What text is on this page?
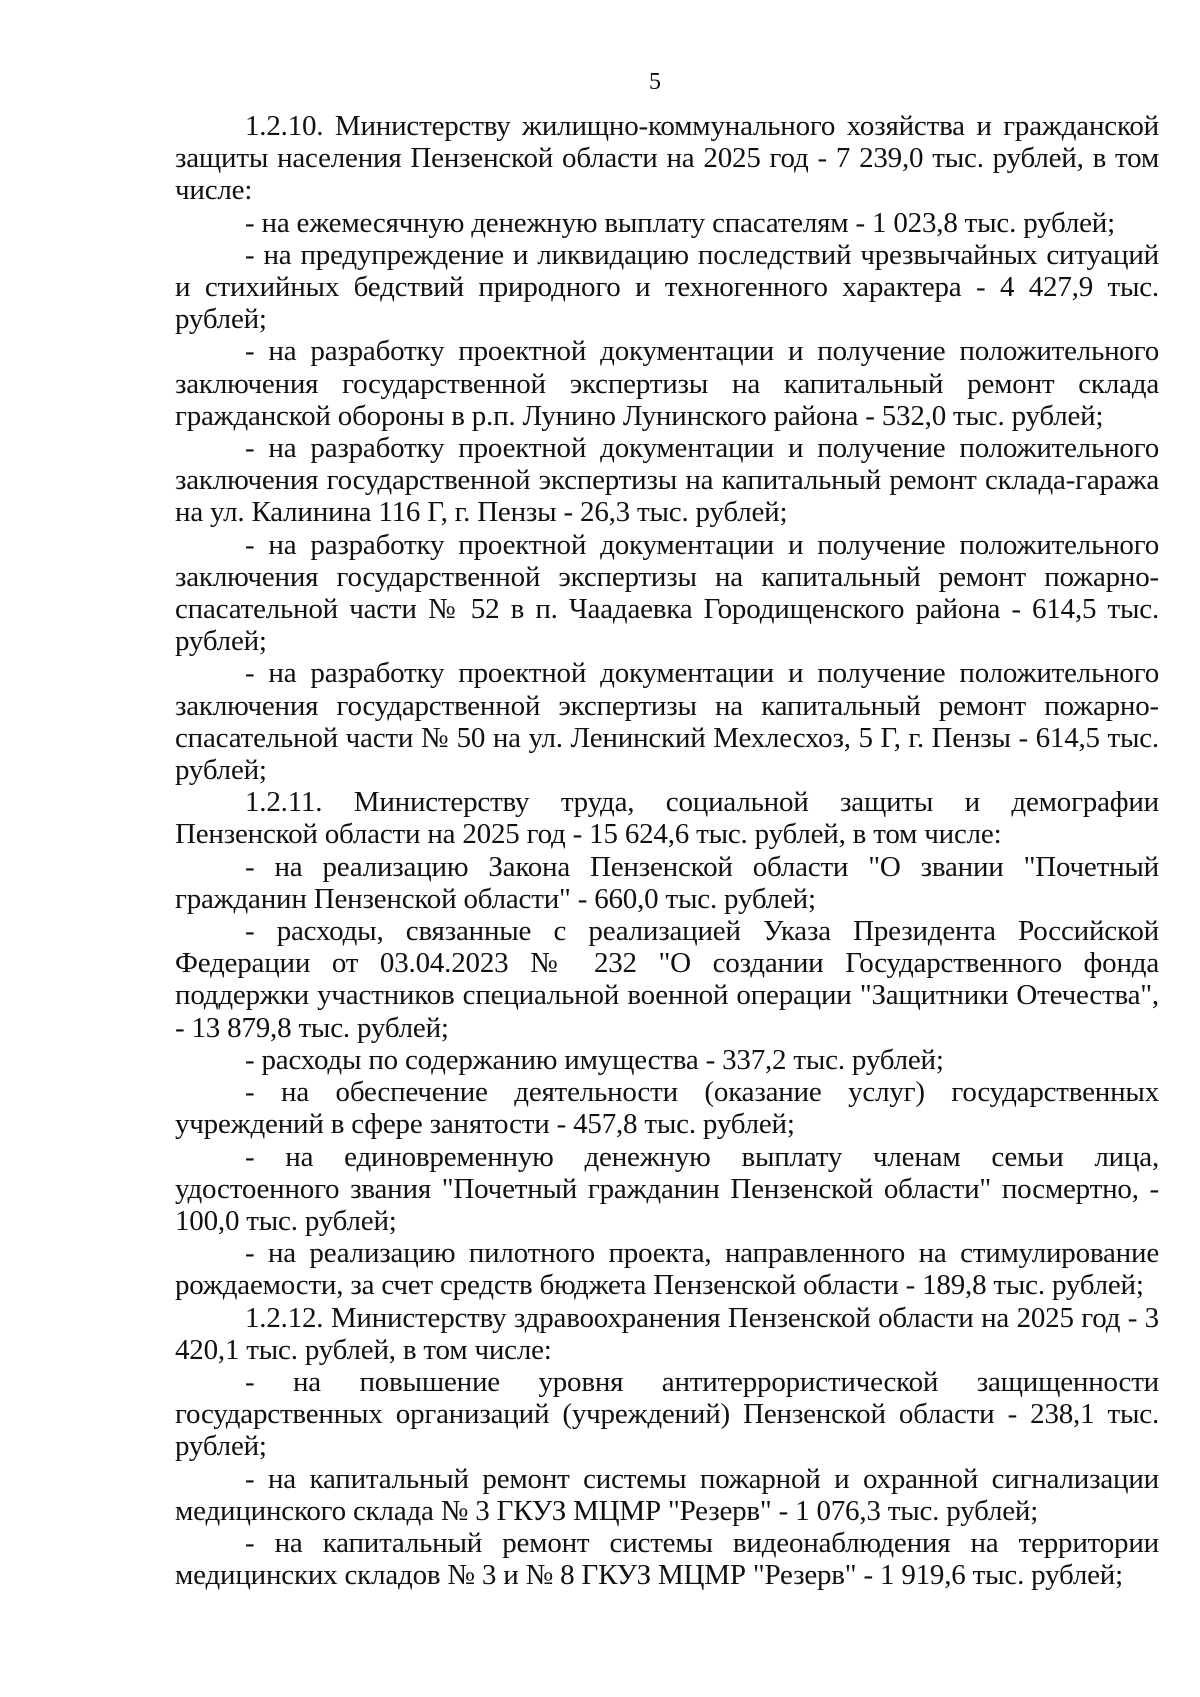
5

1.2.10. Министерству жилищно-коммунального хозяйства и гражданской защиты населения Пензенской области на 2025 год - 7 239,0 тыс. рублей, в том числе:

- на ежемесячную денежную выплату спасателям - 1 023,8 тыс. рублей;

- на предупреждение и ликвидацию последствий чрезвычайных ситуаций и стихийных бедствий природного и техногенного характера - 4 427,9 тыс. рублей;

- на разработку проектной документации и получение положительного заключения государственной экспертизы на капитальный ремонт склада гражданской обороны в р.п. Лунино Лунинского района - 532,0 тыс. рублей;

- на разработку проектной документации и получение положительного заключения государственной экспертизы на капитальный ремонт склада-гаража на ул. Калинина 116 Г, г. Пензы - 26,3 тыс. рублей;

- на разработку проектной документации и получение положительного заключения государственной экспертизы на капитальный ремонт пожарно-спасательной части № 52 в п. Чаадаевка Городищенского района - 614,5 тыс. рублей;

- на разработку проектной документации и получение положительного заключения государственной экспертизы на капитальный ремонт пожарно-спасательной части № 50 на ул. Ленинский Мехлесхоз, 5 Г, г. Пензы - 614,5 тыс. рублей;

1.2.11. Министерству труда, социальной защиты и демографии Пензенской области на 2025 год - 15 624,6 тыс. рублей, в том числе:

- на реализацию Закона Пензенской области "О звании "Почетный гражданин Пензенской области" - 660,0 тыс. рублей;

- расходы, связанные с реализацией Указа Президента Российской Федерации от 03.04.2023 № 232 "О создании Государственного фонда поддержки участников специальной военной операции "Защитники Отечества", - 13 879,8 тыс. рублей;

- расходы по содержанию имущества - 337,2 тыс. рублей;

- на обеспечение деятельности (оказание услуг) государственных учреждений в сфере занятости - 457,8 тыс. рублей;

- на единовременную денежную выплату членам семьи лица, удостоенного звания "Почетный гражданин Пензенской области" посмертно, - 100,0 тыс. рублей;

- на реализацию пилотного проекта, направленного на стимулирование рождаемости, за счет средств бюджета Пензенской области - 189,8 тыс. рублей;

1.2.12. Министерству здравоохранения Пензенской области на 2025 год - 3 420,1 тыс. рублей, в том числе:

- на повышение уровня антитеррористической защищенности государственных организаций (учреждений) Пензенской области - 238,1 тыс. рублей;

- на капитальный ремонт системы пожарной и охранной сигнализации медицинского склада № 3 ГКУЗ МЦМР "Резерв" - 1 076,3 тыс. рублей;

- на капитальный ремонт системы видеонаблюдения на территории медицинских складов № 3 и № 8 ГКУЗ МЦМР "Резерв" - 1 919,6 тыс. рублей;
